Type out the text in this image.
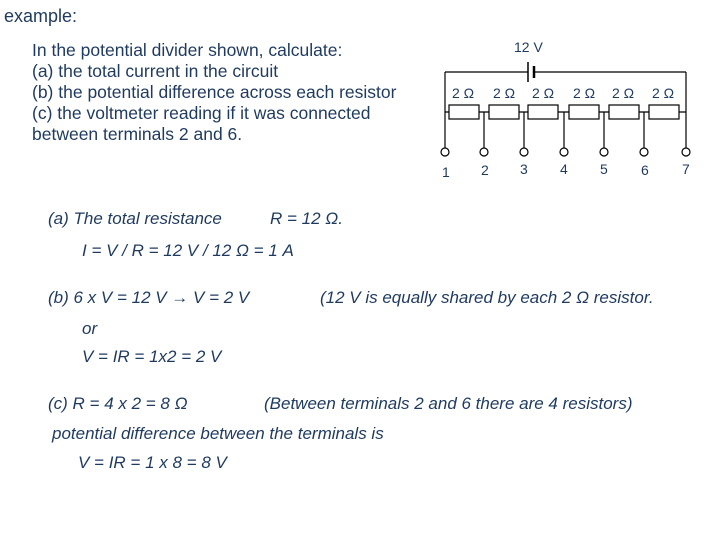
example:
In the potential divider shown, calculate:
(a) the total current in the circuit
(b) the potential difference across each resistor
(c) the voltmeter reading if it was connected
between terminals 2 and 6.
12 V
2 Ω 2 Ω 2 Ω 2 Ω 2 Ω 2 Ω
1 2 3 4 5 6 7
(a) The total resistance	R = 12 Ω.
I = V / R = 12 V / 12 Ω = 1 A
(b) 6 x V = 12 V → V = 2 V	(12 V is equally shared by each 2 Ω resistor.
or
V = IR = 1x2 = 2 V
(c) R = 4 x 2 = 8 Ω	(Between terminals 2 and 6 there are 4 resistors)
potential difference between the terminals is
V = IR = 1 x 8 = 8 V
